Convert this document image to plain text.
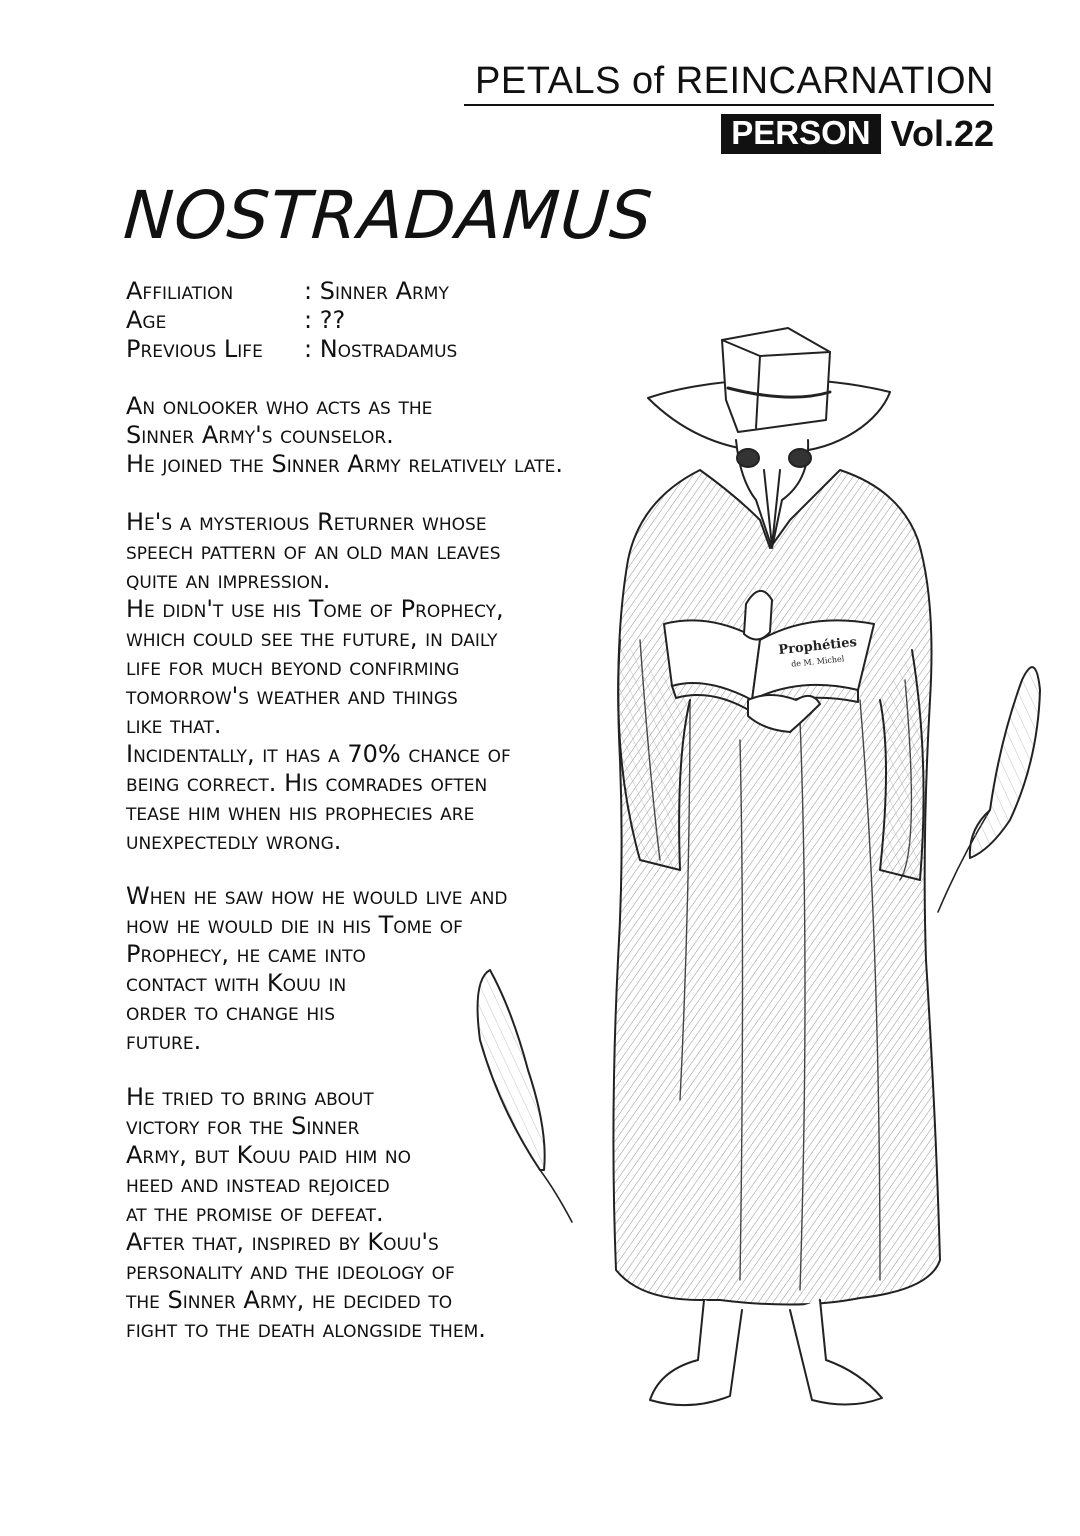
PETALS of REINCARNATION
PERSON Vol.22
NOSTRADAMUS
Affiliation	: Sinner Army
Age	: ??
Previous Life	: Nostradamus
An onlooker who acts as the
Sinner Army's counselor.
He joined the Sinner Army relatively late.
He's a mysterious Returner whose
speech pattern of an old man leaves
quite an impression.
He didn't use his Tome of Prophecy,
which could see the future, in daily
life for much beyond confirming
tomorrow's weather and things
like that.
Incidentally, it has a 70% chance of
being correct. His comrades often
tease him when his prophecies are
unexpectedly wrong.
When he saw how he would live and
how he would die in his Tome of
Prophecy, he came into
contact with Kouu in
order to change his
future.
He tried to bring about
victory for the Sinner
Army, but Kouu paid him no
heed and instead rejoiced
at the promise of defeat.
After that, inspired by Kouu's
personality and the ideology of
the Sinner Army, he decided to
fight to the death alongside them.
Prophéties
de M. Michel
